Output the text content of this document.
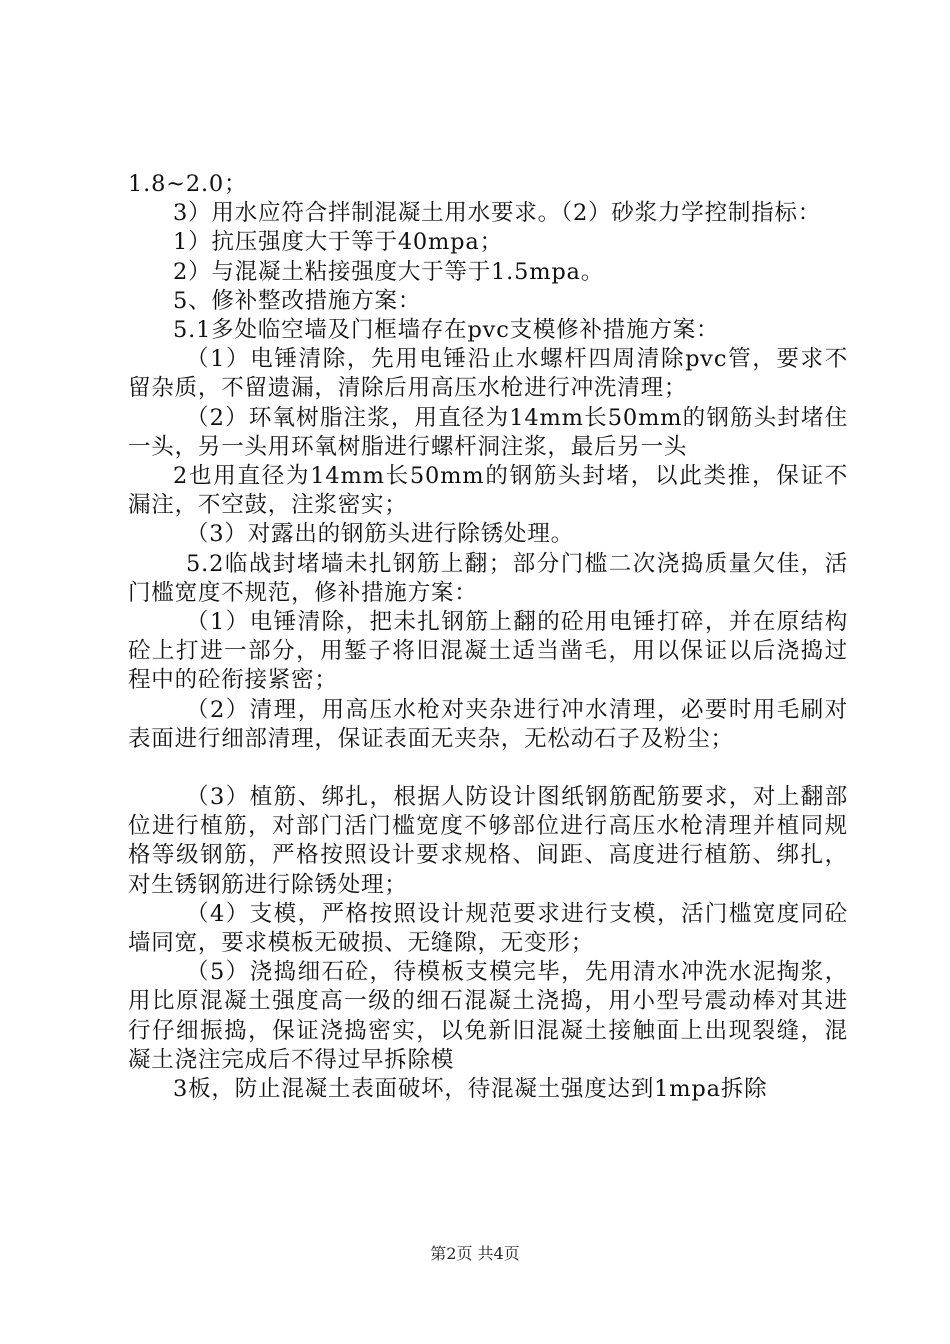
1.8~2.0；

3）用水应符合拌制混凝土用水要求。（2）砂浆力学控制指标：

1）抗压强度大于等于40mpa；

2）与混凝土粘接强度大于等于1.5mpa。

5、修补整改措施方案：

5.1多处临空墙及门框墙存在pvc支模修补措施方案：

（1）电锤清除，先用电锤沿止水螺杆四周清除pvc管，要求不留杂质，不留遗漏，清除后用高压水枪进行冲洗清理；

（2）环氧树脂注浆，用直径为14mm长50mm的钢筋头封堵住一头，另一头用环氧树脂进行螺杆洞注浆，最后另一头

2也用直径为14mm长50mm的钢筋头封堵，以此类推，保证不漏注，不空鼓，注浆密实；

（3）对露出的钢筋头进行除锈处理。

5.2临战封堵墙未扎钢筋上翻；部分门槛二次浇捣质量欠佳，活门槛宽度不规范，修补措施方案：

（1）电锤清除，把未扎钢筋上翻的砼用电锤打碎，并在原结构砼上打进一部分，用錾子将旧混凝土适当凿毛，用以保证以后浇捣过程中的砼衔接紧密；

（2）清理，用高压水枪对夹杂进行冲水清理，必要时用毛刷对表面进行细部清理，保证表面无夹杂，无松动石子及粉尘；

（3）植筋、绑扎，根据人防设计图纸钢筋配筋要求，对上翻部位进行植筋，对部门活门槛宽度不够部位进行高压水枪清理并植同规格等级钢筋，严格按照设计要求规格、间距、高度进行植筋、绑扎，对生锈钢筋进行除锈处理；

（4）支模，严格按照设计规范要求进行支模，活门槛宽度同砼墙同宽，要求模板无破损、无缝隙，无变形；

（5）浇捣细石砼，待模板支模完毕，先用清水冲洗水泥掏浆，用比原混凝土强度高一级的细石混凝土浇捣，用小型号震动棒对其进行仔细振捣，保证浇捣密实，以免新旧混凝土接触面上出现裂缝，混凝土浇注完成后不得过早拆除模

3板，防止混凝土表面破坏，待混凝土强度达到1mpa拆除

第2页 共4页
